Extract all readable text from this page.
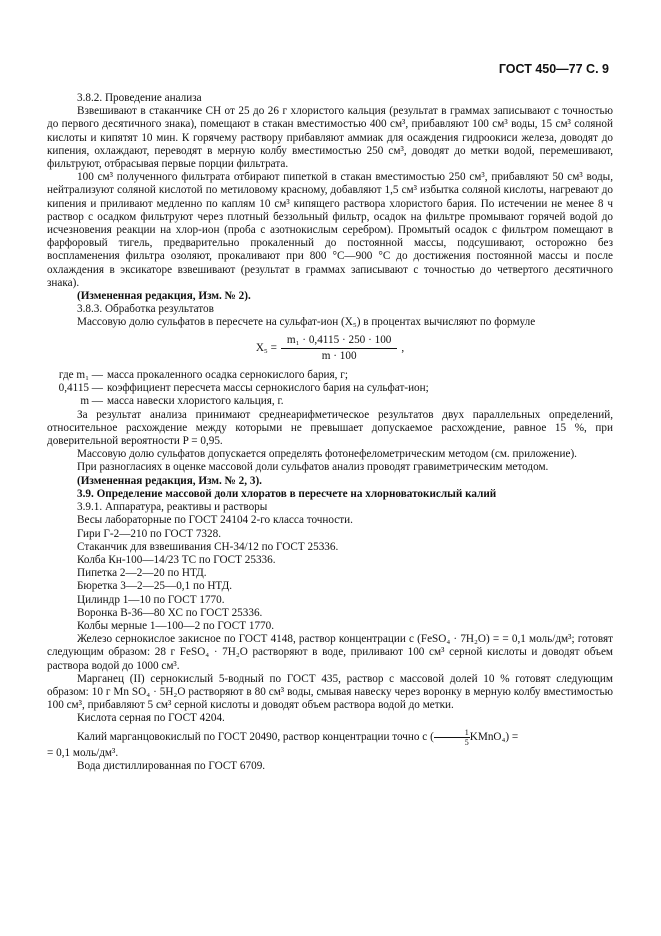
ГОСТ 450—77 С. 9

3.8.2. Проведение анализа

Взвешивают в стаканчике СН от 25 до 26 г хлористого кальция (результат в граммах записывают с точностью до первого десятичного знака), помещают в стакан вместимостью 400 см³, прибавляют 100 см³ воды, 15 см³ соляной кислоты и кипятят 10 мин. К горячему раствору прибавляют аммиак для осаждения гидроокиси железа, доводят до кипения, охлаждают, переводят в мерную колбу вместимостью 250 см³, доводят до метки водой, перемешивают, фильтруют, отбрасывая первые порции фильтрата.

100 см³ полученного фильтрата отбирают пипеткой в стакан вместимостью 250 см³, прибавляют 50 см³ воды, нейтрализуют соляной кислотой по метиловому красному, добавляют 1,5 см³ избытка соляной кислоты, нагревают до кипения и приливают медленно по каплям 10 см³ кипящего раствора хлористого бария. По истечении не менее 8 ч раствор с осадком фильтруют через плотный беззольный фильтр, осадок на фильтре промывают горячей водой до исчезновения реакции на хлор-ион (проба с азотнокислым серебром). Промытый осадок с фильтром помещают в фарфоровый тигель, предварительно прокаленный до постоянной массы, подсушивают, осторожно без воспламенения фильтра озоляют, прокаливают при 800 °С—900 °С до достижения постоянной массы и после охлаждения в эксикаторе взвешивают (результат в граммах записывают с точностью до четвертого десятичного знака).

(Измененная редакция, Изм. № 2).

3.8.3. Обработка результатов

Массовую долю сульфатов в пересчете на сульфат-ион (X₅) в процентах вычисляют по формуле

$X_5 = \frac{\text{m₁ · 0,4115 · 250 · 100}}{m \cdot 100}$ ,
где m₁ — масса прокаленного осадка сернокислого бария, г;
0,4115 — коэффициент пересчета массы сернокислого бария на сульфат-ион;
m — масса навески хлористого кальция, г.

За результат анализа принимают среднеарифметическое результатов двух параллельных определений, относительное расхождение между которыми не превышает допускаемое расхождение, равное 15 %, при доверительной вероятности P = 0,95.

Массовую долю сульфатов допускается определять фотонефелометрическим методом (см. приложение).

При разногласиях в оценке массовой доли сульфатов анализ проводят гравиметрическим методом.

(Измененная редакция, Изм. № 2, 3).

3.9. Определение массовой доли хлоратов в пересчете на хлорноватокислый калий

3.9.1. Аппаратура, реактивы и растворы

Весы лабораторные по ГОСТ 24104 2-го класса точности.

Гири Г-2—210 по ГОСТ 7328.

Стаканчик для взвешивания СН-34/12 по ГОСТ 25336.

Колба Кн-100—14/23 ТС по ГОСТ 25336.

Пипетка 2—2—20 по НТД.

Бюретка 3—2—25—0,1 по НТД.

Цилиндр 1—10 по ГОСТ 1770.

Воронка В-36—80 ХС по ГОСТ 25336.

Колбы мерные 1—100—2 по ГОСТ 1770.

Железо сернокислое закисное по ГОСТ 4148, раствор концентрации c (FeSO₄ · 7H₂O) = = 0,1 моль/дм³; готовят следующим образом: 28 г FeSO₄ · 7H₂O растворяют в воде, приливают 100 см³ серной кислоты и доводят объем раствора водой до 1000 см³.

Марганец (II) сернокислый 5-водный по ГОСТ 435, раствор с массовой долей 10 % готовят следующим образом: 10 г Mn SO₄ · 5H₂O растворяют в 80 см³ воды, смывая навеску через воронку в мерную колбу вместимостью 100 см³, прибавляют 5 см³ серной кислоты и доводят объем раствора водой до метки.

Кислота серная по ГОСТ 4204.

Калий марганцовокислый по ГОСТ 20490, раствор концентрации точно c ( $\frac{1}{5}$ KMnO₄) =

= 0,1 моль/дм³.

Вода дистиллированная по ГОСТ 6709.
